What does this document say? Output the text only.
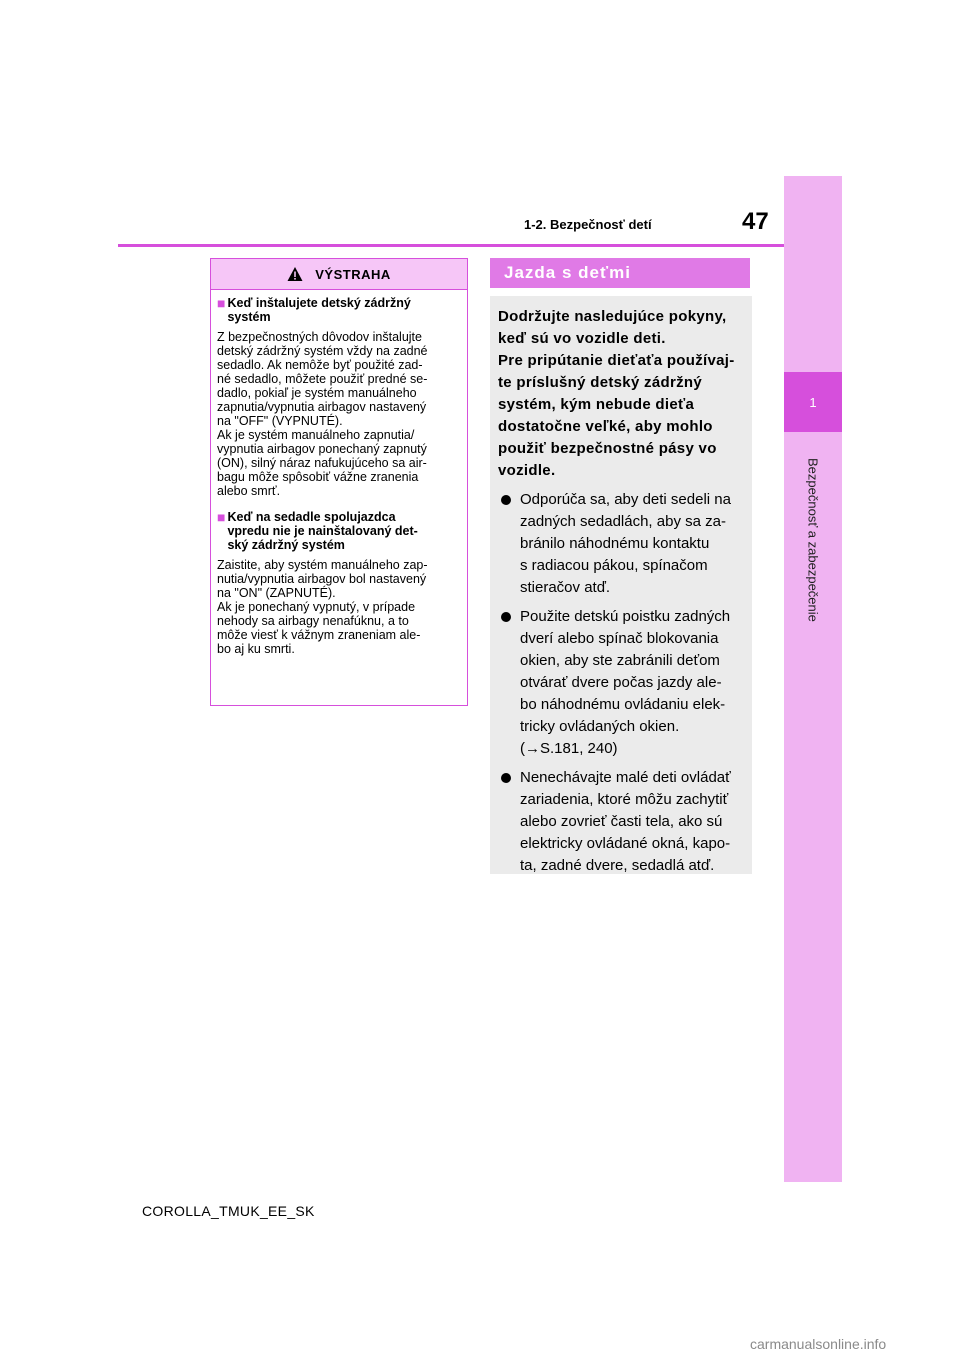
1
Bezpečnosť a zabezpečenie
1-2. Bezpečnosť detí	47
VÝSTRAHA
■ Keď inštalujete detský zádržný
systém
Z bezpečnostných dôvodov inštalujte
detský zádržný systém vždy na zadné
sedadlo. Ak nemôže byť použité zad-
né sedadlo, môžete použiť predné se-
dadlo, pokiaľ je systém manuálneho
zapnutia/vypnutia airbagov nastavený
na "OFF" (VYPNUTÉ).
Ak je systém manuálneho zapnutia/
vypnutia airbagov ponechaný zapnutý
(ON), silný náraz nafukujúceho sa air-
bagu môže spôsobiť vážne zranenia
alebo smrť.
■ Keď na sedadle spolujazdca
vpredu nie je nainštalovaný det-
ský zádržný systém
Zaistite, aby systém manuálneho zap-
nutia/vypnutia airbagov bol nastavený
na "ON" (ZAPNUTÉ).
Ak je ponechaný vypnutý, v prípade
nehody sa airbagy nenafúknu, a to
môže viesť k vážnym zraneniam ale-
bo aj ku smrti.
Jazda s deťmi
Dodržujte nasledujúce pokyny,
keď sú vo vozidle deti.
Pre pripútanie dieťaťa používaj-
te príslušný detský zádržný
systém, kým nebude dieťa
dostatočne veľké, aby mohlo
použiť bezpečnostné pásy vo
vozidle.
Odporúča sa, aby deti sedeli na
zadných sedadlách, aby sa za-
bránilo náhodnému kontaktu
s radiacou pákou, spínačom
stieračov atď.
Použite detskú poistku zadných
dverí alebo spínač blokovania
okien, aby ste zabránili deťom
otvárať dvere počas jazdy ale-
bo náhodnému ovládaniu elek-
tricky ovládaných okien.
(→S.181, 240)
Nenechávajte malé deti ovládať
zariadenia, ktoré môžu zachytiť
alebo zovrieť časti tela, ako sú
elektricky ovládané okná, kapo-
ta, zadné dvere, sedadlá atď.
COROLLA_TMUK_EE_SK
carmanualsonline.info
